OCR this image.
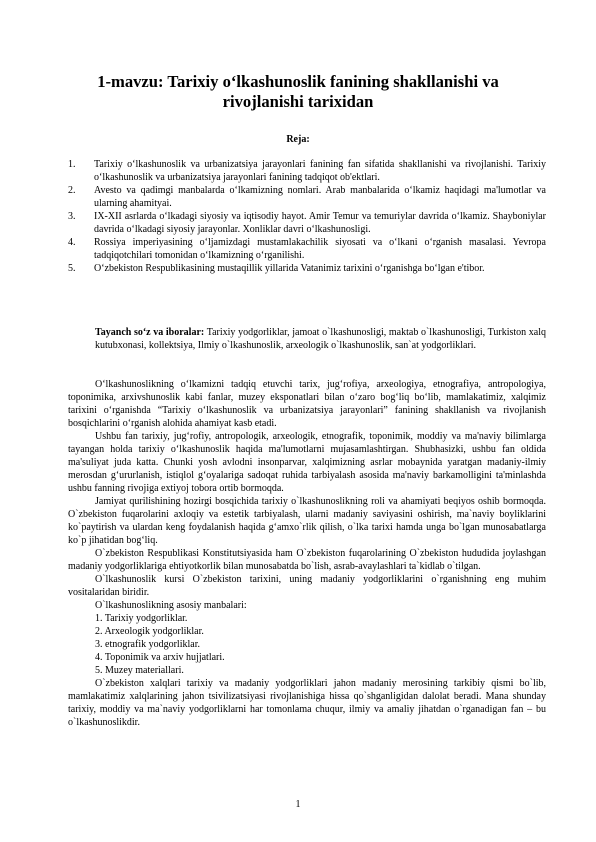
1-mavzu: Tarixiy o‘lkashunoslik fanining shakllanishi va rivojlanishi tarixidan
Reja:
1. Tarixiy o‘lkashunoslik va urbanizatsiya jarayonlari fanining fan sifatida shakllanishi va rivojlanishi. Tarixiy o‘lkashunoslik va urbanizatsiya jarayonlari fanining tadqiqot ob'ektlari.
2. Avesto va qadimgi manbalarda o‘lkamizning nomlari. Arab manbalarida o‘lkamiz haqidagi ma'lumotlar va ularning ahamityai.
3. IX-XII asrlarda o‘lkadagi siyosiy va iqtisodiy hayot. Amir Temur va temuriylar davrida o‘lkamiz. Shayboniylar davrida o‘lkadagi siyosiy jarayonlar. Xonliklar davri o‘lkashunosligi.
4. Rossiya imperiyasining o‘ljamizdagi mustamlakachilik siyosati va o‘lkani o‘rganish masalasi. Yevropa tadqiqotchilari tomonidan o‘lkamizning o‘rganilishi.
5. O‘zbekiston Respublikasining mustaqillik yillarida Vatanimiz tarixini o‘rganishga bo‘lgan e'tibor.
Tayanch so‘z va iboralar: Tarixiy yodgorliklar, jamoat o`lkashunosligi, maktab o`lkashunosligi, Turkiston xalq kutubxonasi, kollektsiya, Ilmiy o`lkashunoslik, arxeologik o`lkashunoslik, san`at yodgorliklari.

O‘lkashunoslikning o‘lkamizni tadqiq etuvchi tarix, jug‘rofiya, arxeologiya, etnografiya, antropologiya, toponimika, arxivshunoslik kabi fanlar, muzey eksponatlari bilan o‘zaro bog‘liq bo‘lib, mamlakatimiz, xalqimiz tarixini o‘rganishda “Tarixiy o‘lkashunoslik va urbanizatsiya jarayonlari” fanining shakllanish va rivojlanish bosqichlarini o‘rganish alohida ahamiyat kasb etadi.

Ushbu fan tarixiy, jug‘rofiy, antropologik, arxeologik, etnografik, toponimik, moddiy va ma'naviy bilimlarga tayangan holda tarixiy o‘lkashunoslik haqida ma'lumotlarni mujasamlashtirgan. Shubhasizki, ushbu fan oldida ma'suliyat juda katta. Chunki yosh avlodni insonparvar, xalqimizning asrlar mobaynida yaratgan madaniy-ilmiy merosdan g‘ururlanish, istiqlol g‘oyalariga sadoqat ruhida tarbiyalash asosida ma'naviy barkamolligini ta'minlashda ushbu fanning rivojiga extiyoj tobora ortib bormoqda.

Jamiyat qurilishining hozirgi bosqichida tarixiy o`lkashunoslikning roli va ahamiyati beqiyos oshib bormoqda. O`zbekiston fuqarolarini axloqiy va estetik tarbiyalash, ularni madaniy saviyasini oshirish, ma`naviy boyliklarini ko`paytirish va ulardan keng foydalanish haqida g‘amxo`rlik qilish, o`lka tarixi hamda unga bo`lgan munosabatlarga ko`p jihatidan bog‘liq.

O`zbekiston Respublikasi Konstitutsiyasida ham O`zbekiston fuqarolarining O`zbekiston hududida joylashgan madaniy yodgorliklariga ehtiyotkorlik bilan munosabatda bo`lish, asrab-avaylashlari ta`kidlab o`tilgan.

O`lkashunoslik kursi O`zbekiston tarixini, uning madaniy yodgorliklarini o`rganishning eng muhim vositalaridan biridir.

O`lkashunoslikning asosiy manbalari:

1. Tarixiy yodgorliklar.

2. Arxeologik yodgorliklar.

3. etnografik yodgorliklar.

4. Toponimik va arxiv hujjatlari.

5. Muzey materiallari.

O`zbekiston xalqlari tarixiy va madaniy yodgorliklari jahon madaniy merosining tarkibiy qismi bo`lib, mamlakatimiz xalqlarining jahon tsivilizatsiyasi rivojlanishiga hissa qo`shganligidan dalolat beradi. Mana shunday tarixiy, moddiy va ma`naviy yodgorliklarni har tomonlama chuqur, ilmiy va amaliy jihatdan o`rganadigan fan – bu o`lkashunoslikdir.

1
